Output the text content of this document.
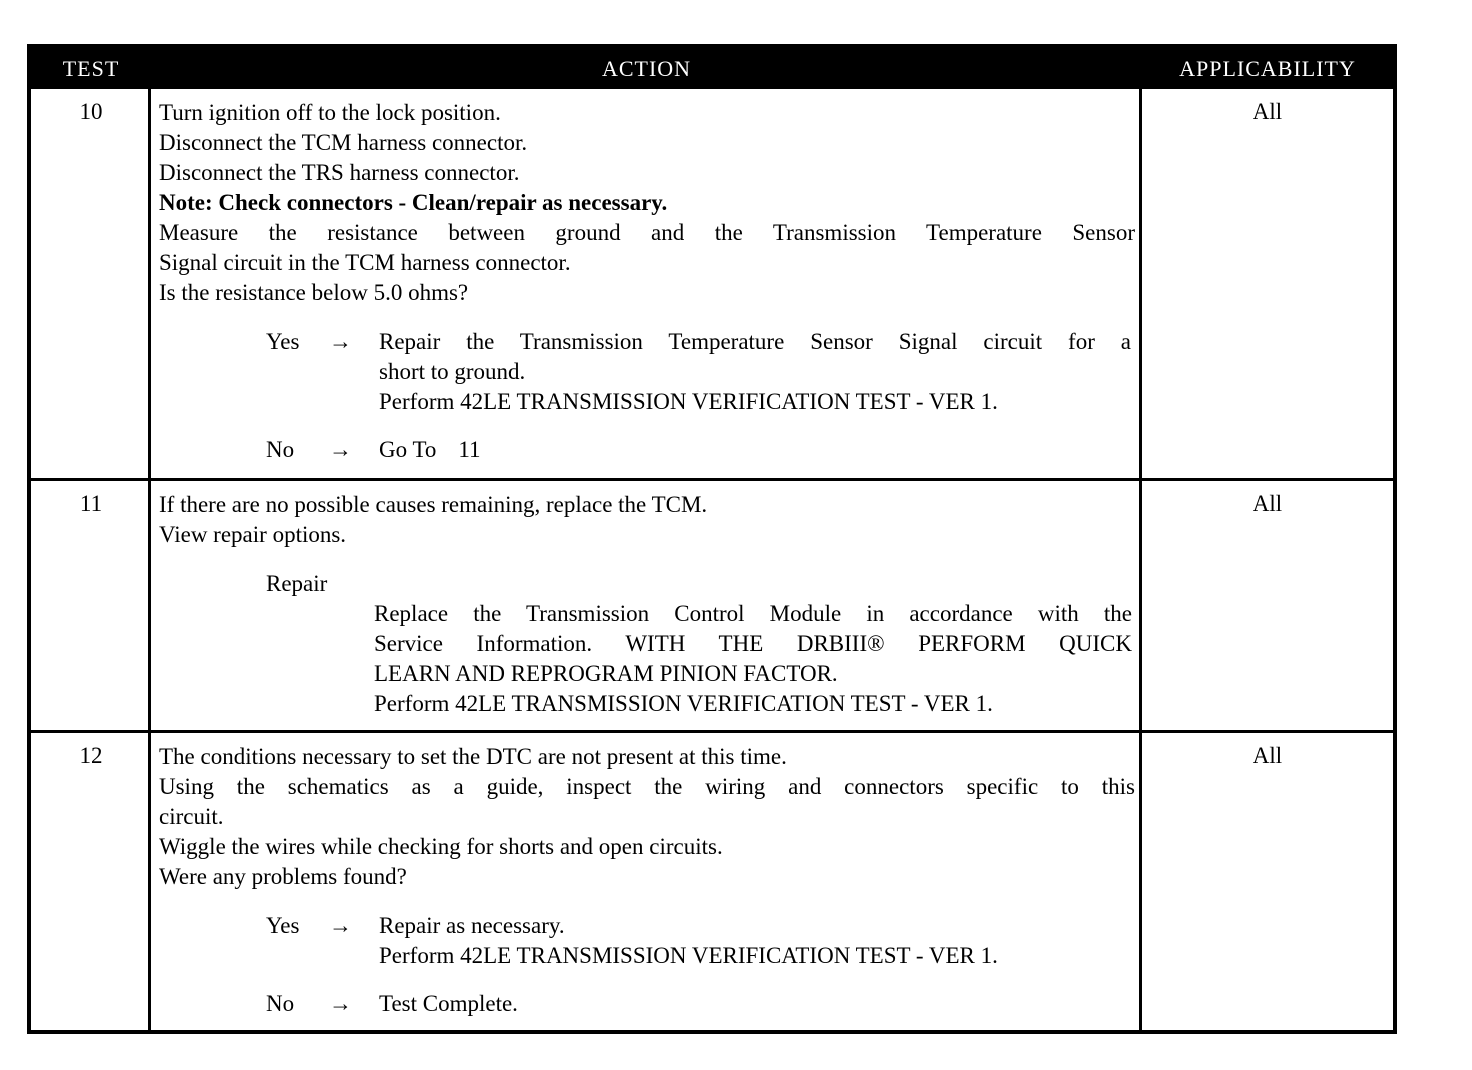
TEST	ACTION	APPLICABILITY
10	Turn ignition off to the lock position.
Disconnect the TCM harness connector.
Disconnect the TRS harness connector.
Note: Check connectors - Clean/repair as necessary.
Measure the resistance between ground and the Transmission Temperature Sensor
Signal circuit in the TCM harness connector.
Is the resistance below 5.0 ohms?
Yes → Repair the Transmission Temperature Sensor Signal circuit for a
short to ground.
Perform 42LE TRANSMISSION VERIFICATION TEST - VER 1.
No → Go To 11
All
11	If there are no possible causes remaining, replace the TCM.
View repair options.
Repair
Replace the Transmission Control Module in accordance with the
Service Information. WITH THE DRBIII® PERFORM QUICK
LEARN AND REPROGRAM PINION FACTOR.
Perform 42LE TRANSMISSION VERIFICATION TEST - VER 1.
All
12	The conditions necessary to set the DTC are not present at this time.
Using the schematics as a guide, inspect the wiring and connectors specific to this
circuit.
Wiggle the wires while checking for shorts and open circuits.
Were any problems found?
Yes → Repair as necessary.
Perform 42LE TRANSMISSION VERIFICATION TEST - VER 1.
No → Test Complete.
All
